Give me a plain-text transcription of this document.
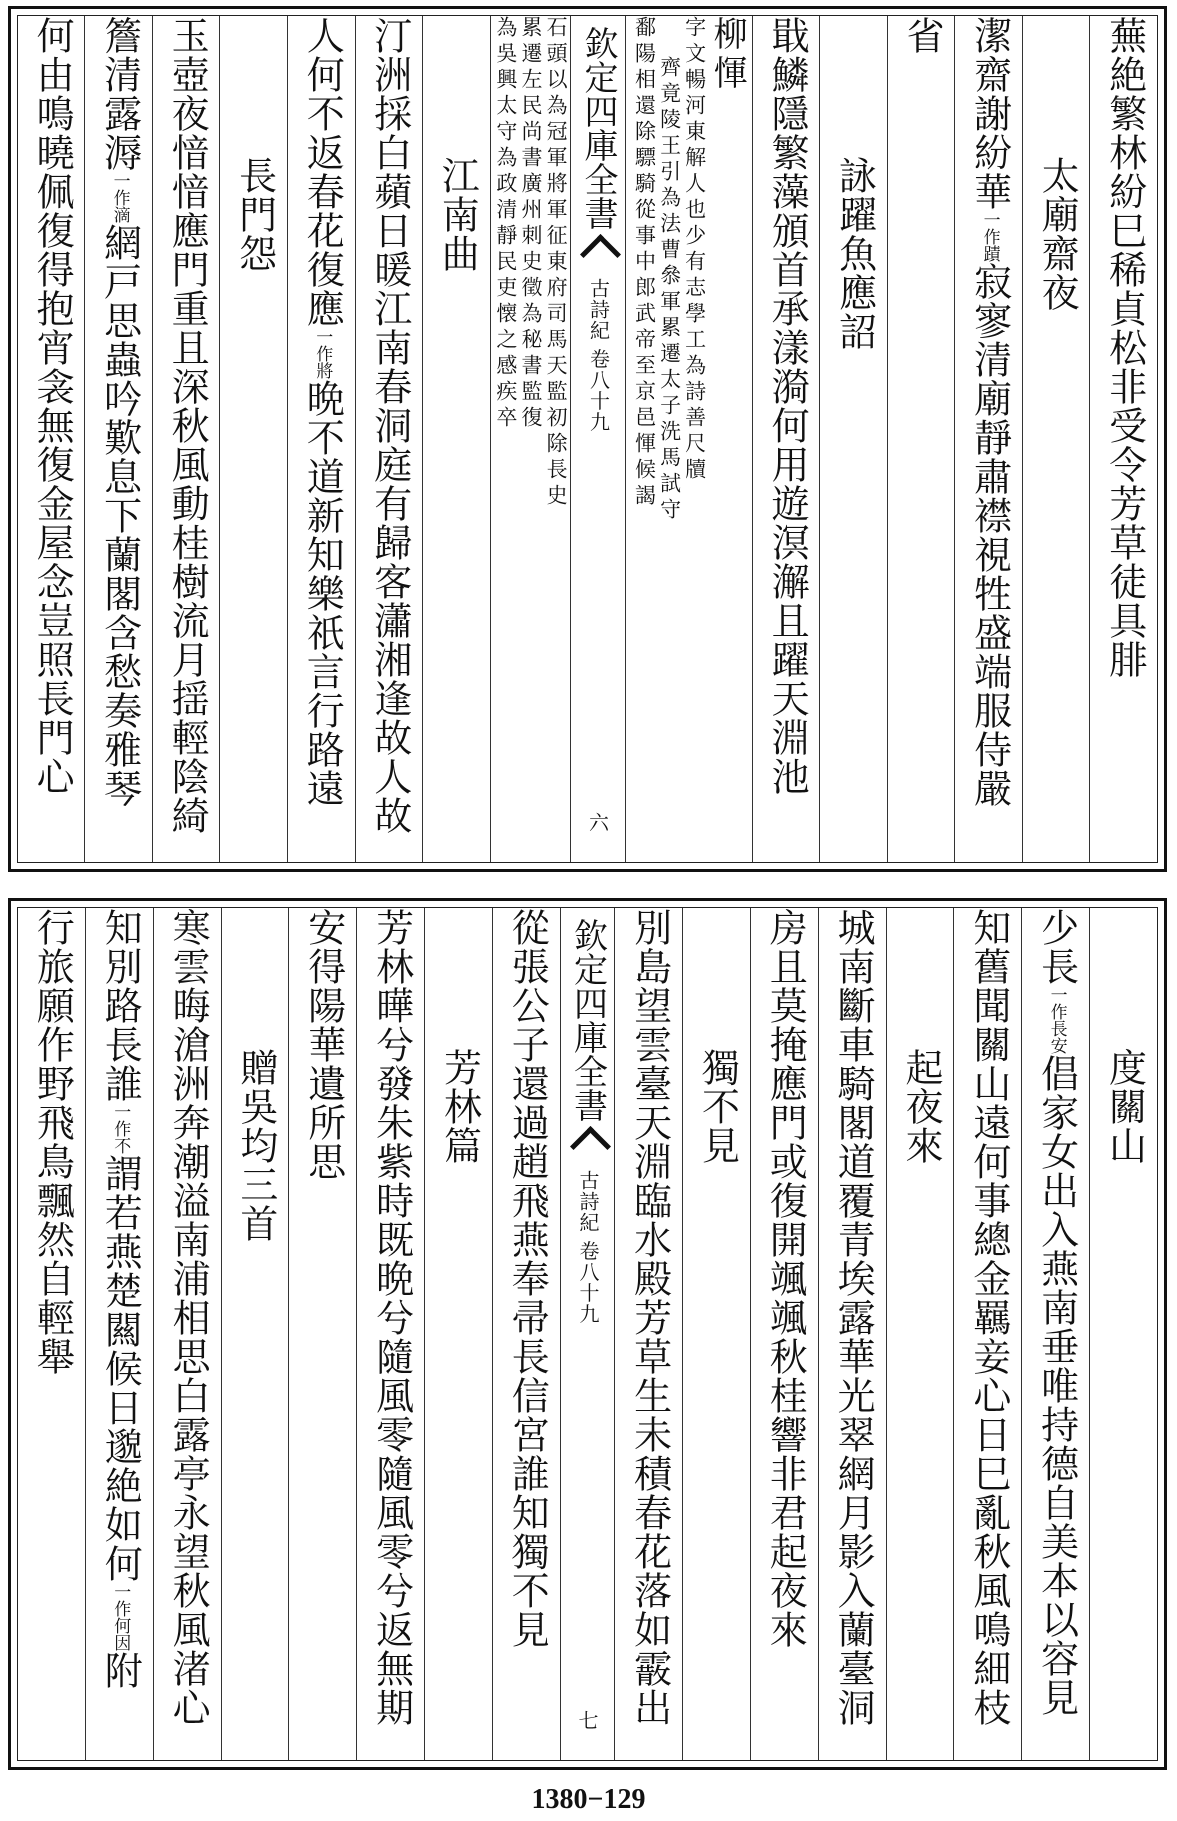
蕪絶繁林紛巳稀貞松非受令芳草徒具腓
太廟齋夜
潔齋謝紛華一作蹟寂寥清廟靜肅襟視牲盛端服侍嚴
省
詠躍魚應詔
戢鱗隱繁藻頒首承漾漪何用遊溟澥且躍天淵池
柳惲
字文暢河東解人也少有志學工為詩善尺牘
齊竟陵王引為法曹叅軍累遷太子洗馬試守
鄱陽相還除驃騎從事中郎武帝至京邑惲候謁
欽定四庫全書
古詩紀 卷八十九
六
石頭以為冠軍將軍征東府司馬天監初除長史
累遷左民尚書廣州刺史徵為秘書監復
為吳興太守為政清靜民吏懐之感疾卒
江南曲
汀洲採白蘋日暖江南春洞庭有歸客瀟湘逢故人故
人何不返春花復應一作將晩不道新知樂祇言行路遠
長門怨
玉壺夜愔愔應門重且深秋風動桂樹流月揺輕陰綺
簷清露溽一作滴網戸思蟲吟歎息下蘭閣含愁奏雅琴
何由鳴曉佩復得抱宵衾無復金屋念豈照長門心
度關山
少長一作長安倡家女出入燕南垂唯持德自美本以容見
知舊聞關山遠何事總金羈妾心日巳亂秋風鳴細枝
起夜來
城南斷車騎閣道覆青埃露華光翠網月影入蘭臺洞
房且莫掩應門或復開颯颯秋桂響非君起夜來
獨不見
別島望雲臺天淵臨水殿芳草生未積春花落如霰出
欽定四庫全書
古詩紀 卷八十九
七
從張公子還過趙飛燕奉帚長信宮誰知獨不見
芳林篇
芳林曄兮發朱紫時既晩兮隨風零隨風零兮返無期
安得陽華遺所思
贈吳均三首
寒雲晦滄洲奔潮溢南浦相思白露亭永望秋風渚心
知別路長誰一作不謂若燕楚闗候日邈絶如何一作何因附
行旅願作野飛鳥飄然自輕舉
1380−129
